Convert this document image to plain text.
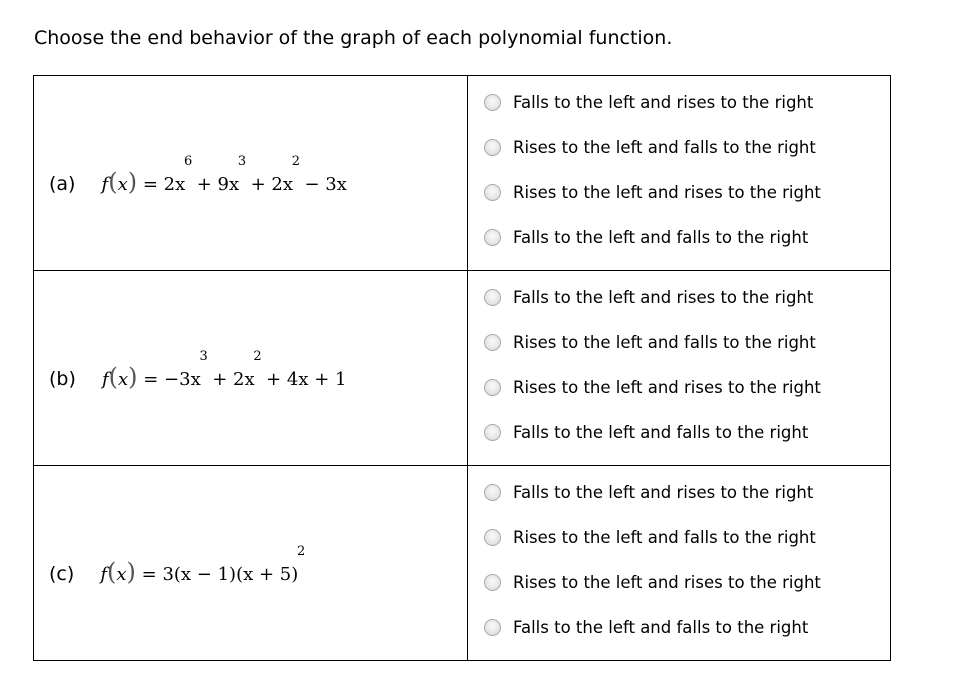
Choose the end behavior of the graph of each polynomial function.
(a) f(x) = 2x
6
+ 9x
3
+ 2x
2
− 3x
Falls to the left and rises to the right
Rises to the left and falls to the right
Rises to the left and rises to the right
Falls to the left and falls to the right
(b) f(x) = −3x
3
+ 2x
2
+ 4x + 1
Falls to the left and rises to the right
Rises to the left and falls to the right
Rises to the left and rises to the right
Falls to the left and falls to the right
(c) f(x) = 3(x − 1)(x + 5)
2

Falls to the left and rises to the right
Rises to the left and falls to the right
Rises to the left and rises to the right
Falls to the left and falls to the right
